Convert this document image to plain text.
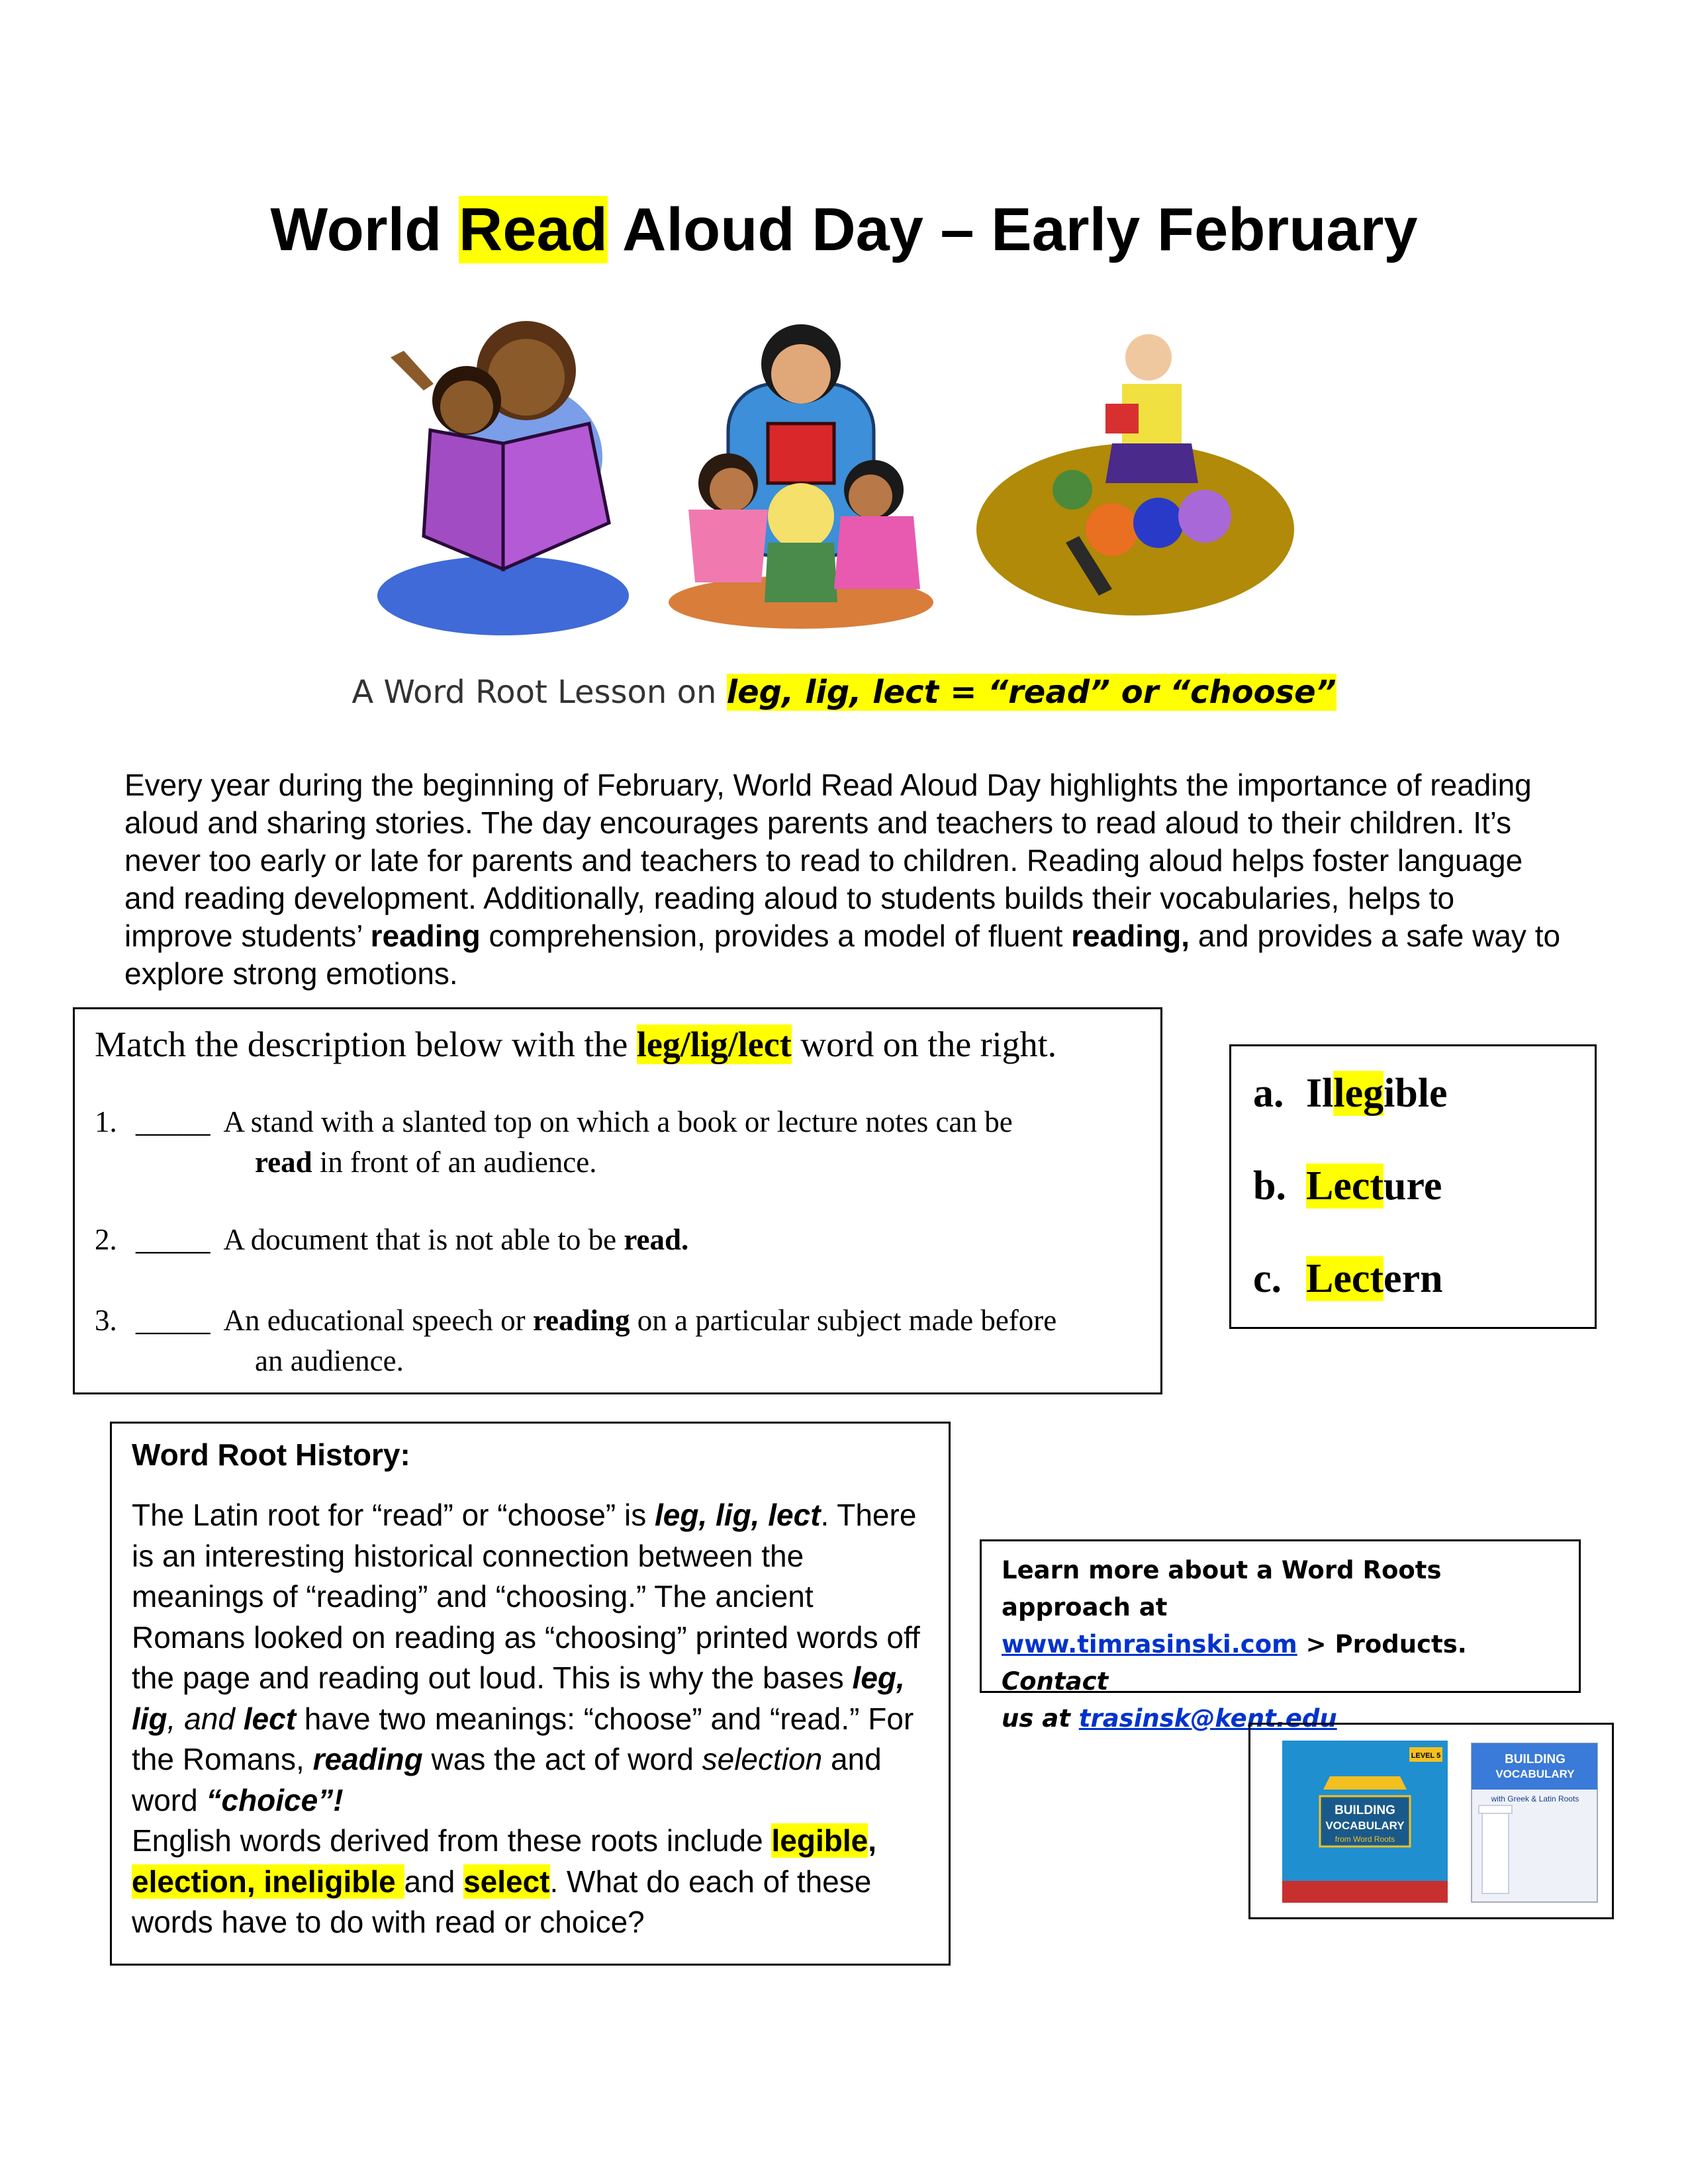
World Read Aloud Day – Early February
A Word Root Lesson on leg, lig, lect = “read” or “choose”

Every year during the beginning of February, World Read Aloud Day highlights the importance of reading aloud and sharing stories. The day encourages parents and teachers to read aloud to their children. It’s never too early or late for parents and teachers to read to children. Reading aloud helps foster language and reading development. Additionally, reading aloud to students builds their vocabularies, helps to improve students’ reading comprehension, provides a model of fluent reading, and provides a safe way to explore strong emotions.

Match the description below with the leg/lig/lect word on the right.
1. _____ A stand with a slanted top on which a book or lecture notes can be
read in front of an audience.
2. _____ A document that is not able to be read.
3. _____ An educational speech or reading on a particular subject made before
an audience.
a. Illegible
b. Lecture
c. Lectern
Word Root History:

The Latin root for “read” or “choose” is leg, lig, lect. There is an interesting historical connection between the meanings of “reading” and “choosing.” The ancient Romans looked on reading as “choosing” printed words off the page and reading out loud. This is why the bases leg, lig, and lect have two meanings: “choose” and “read.” For the Romans, reading was the act of word selection and word “choice”!

English words derived from these roots include legible, election, ineligible and select. What do each of these words have to do with read or choice?

Learn more about a Word Roots approach at
www.timrasinski.com > Products. Contact
us at trasinsk@kent.edu
BUILDING
VOCABULARY
from Word Roots
LEVEL 5	BUILDING
VOCABULARY
with Greek & Latin Roots
